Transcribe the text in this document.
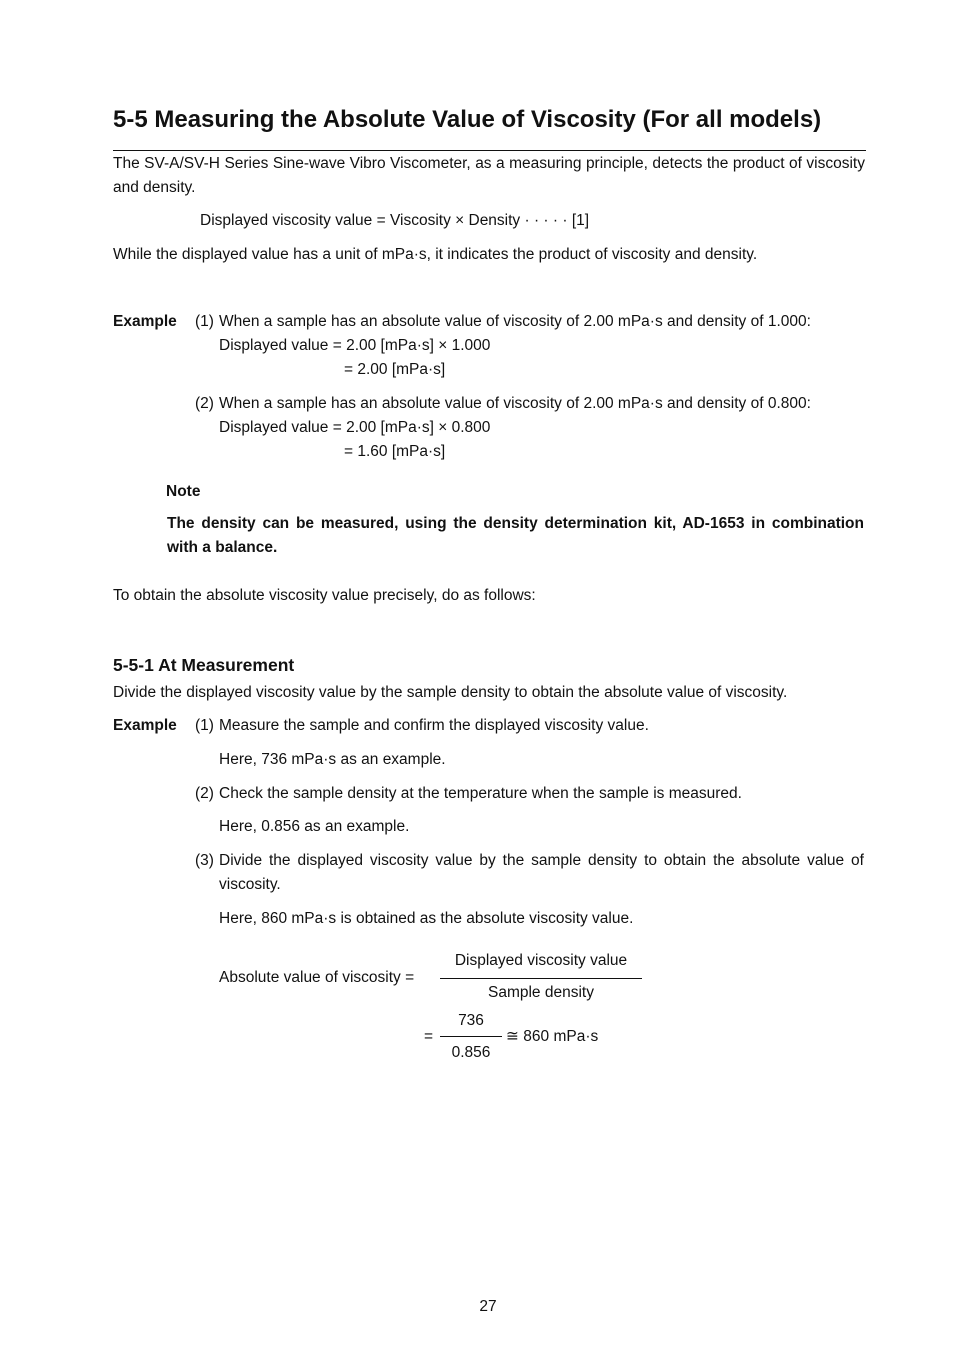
5-5 Measuring the Absolute Value of Viscosity (For all models)
The SV-A/SV-H Series Sine-wave Vibro Viscometer, as a measuring principle, detects the product of viscosity and density.
Displayed viscosity value = Viscosity × Density · · · · · [1]
While the displayed value has a unit of mPa·s, it indicates the product of viscosity and density.
Example (1) When a sample has an absolute value of viscosity of 2.00 mPa·s and density of 1.000:
Displayed value = 2.00 [mPa·s] × 1.000
= 2.00 [mPa·s]
(2) When a sample has an absolute value of viscosity of 2.00 mPa·s and density of 0.800:
Displayed value = 2.00 [mPa·s] × 0.800
= 1.60 [mPa·s]
Note
The density can be measured, using the density determination kit, AD-1653 in combination with a balance.
To obtain the absolute viscosity value precisely, do as follows:
5-5-1 At Measurement
Divide the displayed viscosity value by the sample density to obtain the absolute value of viscosity.
Example (1) Measure the sample and confirm the displayed viscosity value.
Here, 736 mPa·s as an example.
(2) Check the sample density at the temperature when the sample is measured.
Here, 0.856 as an example.
(3) Divide the displayed viscosity value by the sample density to obtain the absolute value of viscosity.
Here, 860 mPa·s is obtained as the absolute viscosity value.
Absolute value of viscosity =
Displayed viscosity value
Sample density
=
736
0.856
≅ 860 mPa·s
27
